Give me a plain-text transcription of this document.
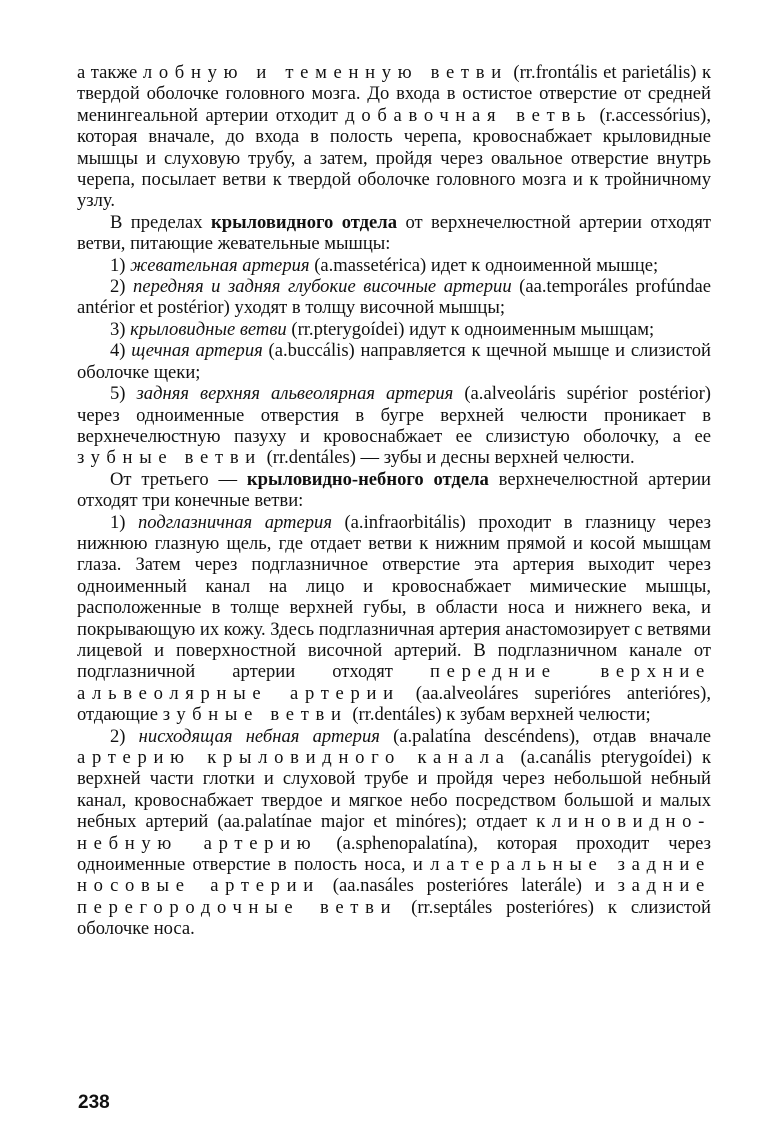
а также лобную и теменную ветви (rr.frontális et parietális) к твердой оболочке головного мозга. До входа в остистое отверстие от средней менингеальной артерии отходит добавочная ветвь (r.accessórius), которая вначале, до входа в полость черепа, кровоснабжает крыловидные мышцы и слуховую трубу, а затем, пройдя через овальное отверстие внутрь черепа, посылает ветви к твердой оболочке головного мозга и к тройничному узлу.

В пределах крыловидного отдела от верхнечелюстной артерии отходят ветви, питающие жевательные мышцы:

1) жевательная артерия (a.massetérica) идет к одноименной мышце;

2) передняя и задняя глубокие височные артерии (aa.temporáles profúndae antérior et postérior) уходят в толщу височной мышцы;

3) крыловидные ветви (rr.pterygoídei) идут к одноименным мышцам;

4) щечная артерия (a.buccális) направляется к щечной мышце и слизистой оболочке щеки;

5) задняя верхняя альвеолярная артерия (a.alveoláris supérior postérior) через одноименные отверстия в бугре верхней челюсти проникает в верхнечелюстную пазуху и кровоснабжает ее слизистую оболочку, а ее зубные ветви (rr.dentáles) — зубы и десны верхней челюсти.

От третьего — крыловидно-небного отдела верхнечелюстной артерии отходят три конечные ветви:

1) подглазничная артерия (a.infraorbitális) проходит в глазницу через нижнюю глазную щель, где отдает ветви к нижним прямой и косой мышцам глаза. Затем через подглазничное отверстие эта артерия выходит через одноименный канал на лицо и кровоснабжает мимические мышцы, расположенные в толще верхней губы, в области носа и нижнего века, и покрывающую их кожу. Здесь подглазничная артерия анастомозирует с ветвями лицевой и поверхностной височной артерий. В подглазничном канале от подглазничной артерии отходят передние верхние альвеолярные артерии (aa.alveoláres superióres anterióres), отдающие зубные ветви (rr.dentáles) к зубам верхней челюсти;

2) нисходящая небная артерия (a.palatína descéndens), отдав вначале артерию крыловидного канала (a.canális pterygoídei) к верхней части глотки и слуховой трубе и пройдя через небольшой небный канал, кровоснабжает твердое и мягкое небо посредством большой и малых небных артерий (aa.palatínae major et minóres); отдает клиновидно-небную артерию (a.sphenopalatína), которая проходит через одноименные отверстие в полость носа, и латеральные задние носовые артерии (aa.nasáles posterióres laterále) и задние перегородочные ветви (rr.septáles posterióres) к слизистой оболочке носа.

238
